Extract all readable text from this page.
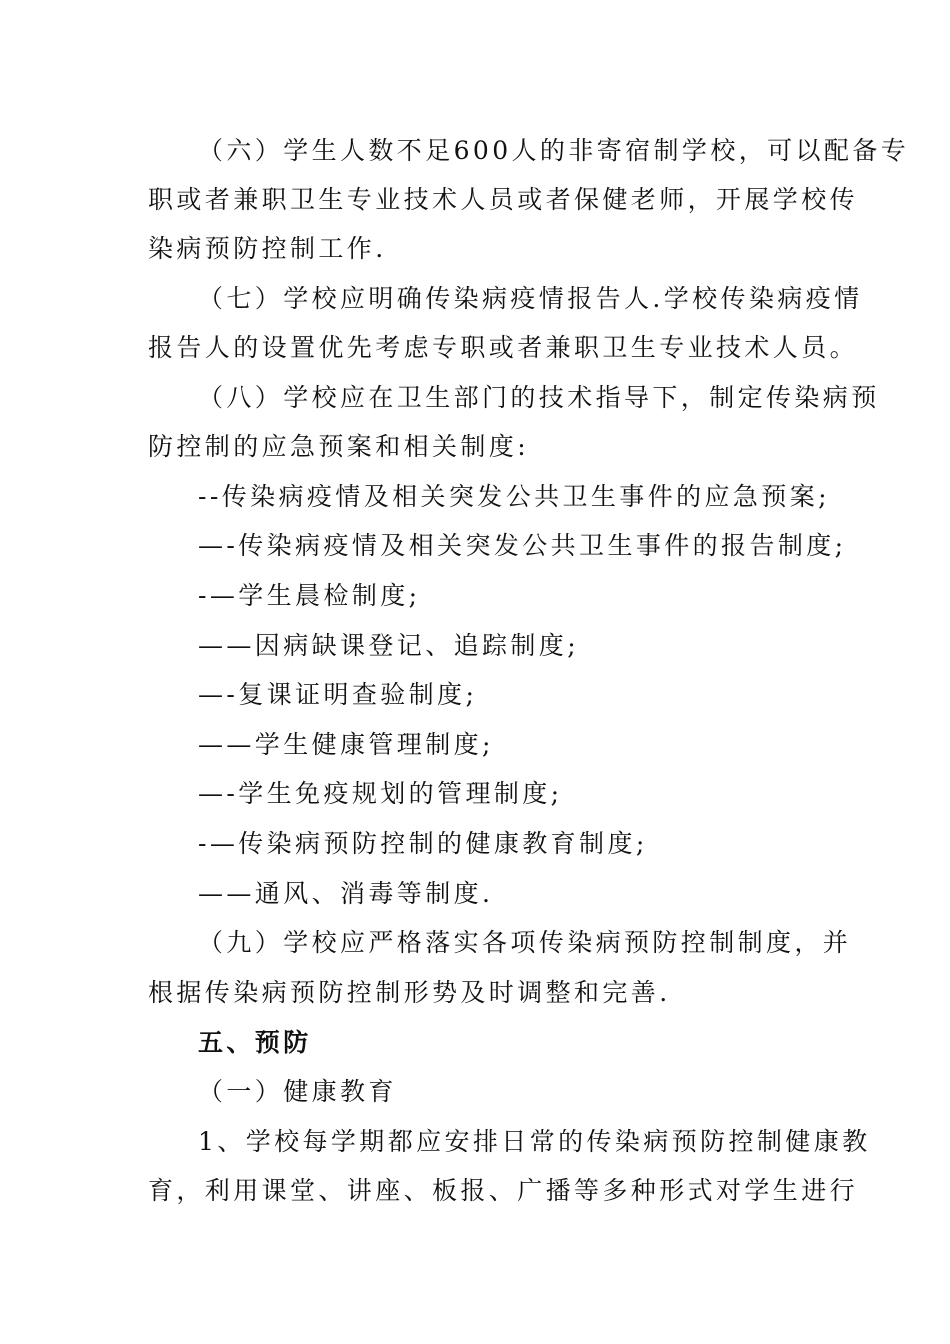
（六）学生人数不足600人的非寄宿制学校，可以配备专
职或者兼职卫生专业技术人员或者保健老师，开展学校传
染病预防控制工作.
（七）学校应明确传染病疫情报告人.学校传染病疫情
报告人的设置优先考虑专职或者兼职卫生专业技术人员。
（八）学校应在卫生部门的技术指导下，制定传染病预
防控制的应急预案和相关制度:
--传染病疫情及相关突发公共卫生事件的应急预案;
—-传染病疫情及相关突发公共卫生事件的报告制度;
-—学生晨检制度;
——因病缺课登记、追踪制度;
—-复课证明查验制度;
——学生健康管理制度;
—-学生免疫规划的管理制度;
-—传染病预防控制的健康教育制度;
——通风、消毒等制度.
（九）学校应严格落实各项传染病预防控制制度，并
根据传染病预防控制形势及时调整和完善.
五、预防
（一）健康教育
1、学校每学期都应安排日常的传染病预防控制健康教
育，利用课堂、讲座、板报、广播等多种形式对学生进行
